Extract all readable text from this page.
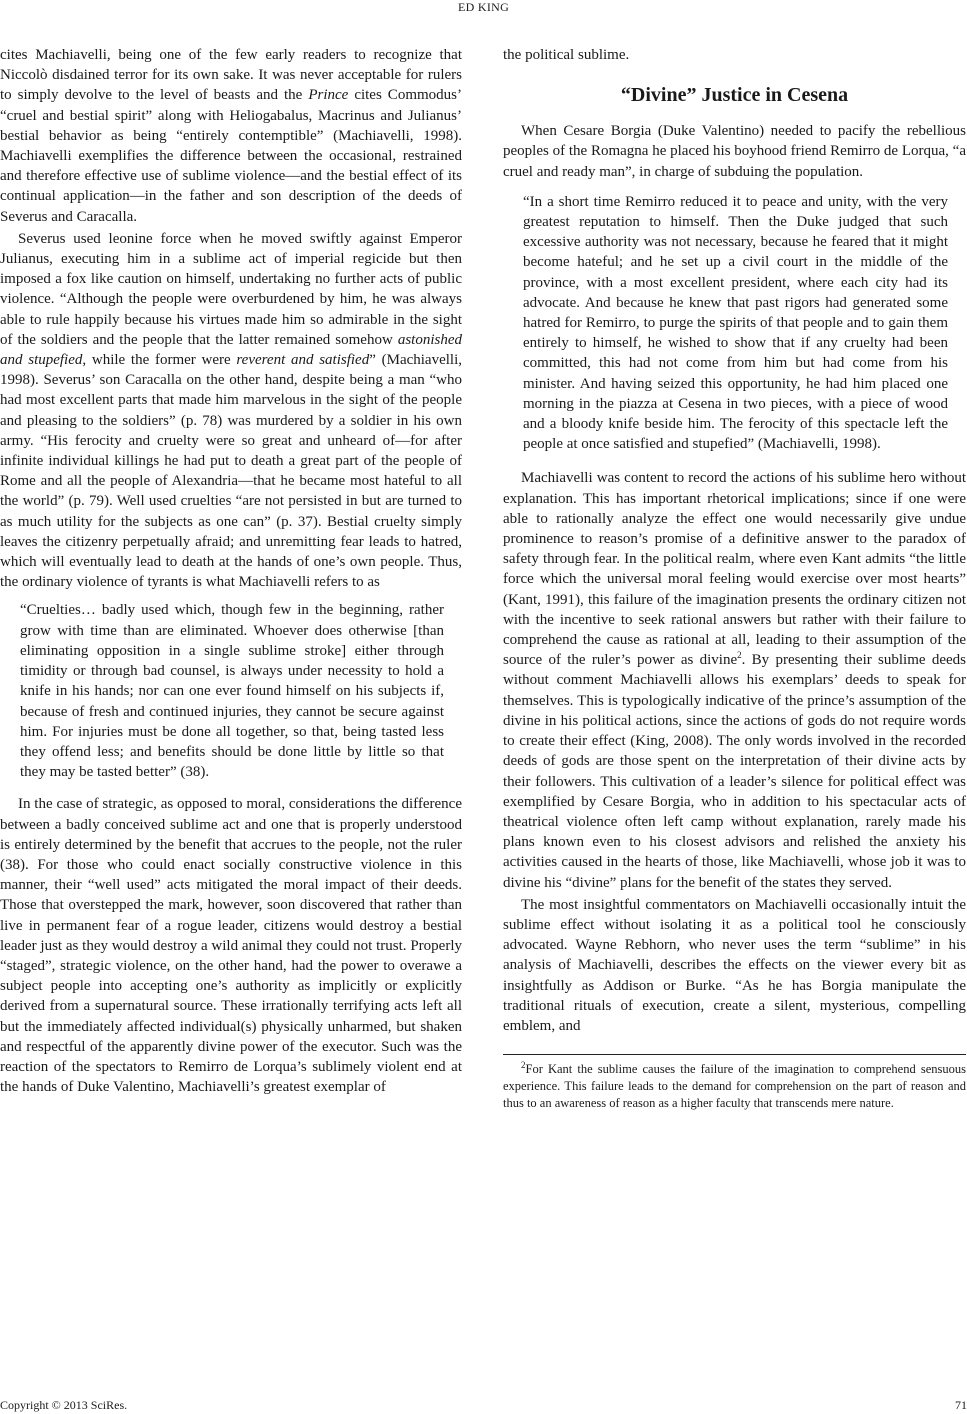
ED KING

cites Machiavelli, being one of the few early readers to recognize that Niccolò disdained terror for its own sake. It was never acceptable for rulers to simply devolve to the level of beasts and the Prince cites Commodus’ “cruel and bestial spirit” along with Heliogabalus, Macrinus and Julianus’ bestial behavior as being “entirely contemptible” (Machiavelli, 1998). Machiavelli exemplifies the difference between the occasional, restrained and therefore effective use of sublime violence—and the bestial effect of its continual application—in the father and son description of the deeds of Severus and Caracalla.

Severus used leonine force when he moved swiftly against Emperor Julianus, executing him in a sublime act of imperial regicide but then imposed a fox like caution on himself, undertaking no further acts of public violence. “Although the people were overburdened by him, he was always able to rule happily because his virtues made him so admirable in the sight of the soldiers and the people that the latter remained somehow astonished and stupefied, while the former were reverent and satisfied” (Machiavelli, 1998). Severus’ son Caracalla on the other hand, despite being a man “who had most excellent parts that made him marvelous in the sight of the people and pleasing to the soldiers” (p. 78) was murdered by a soldier in his own army. “His ferocity and cruelty were so great and unheard of—for after infinite individual killings he had put to death a great part of the people of Rome and all the people of Alexandria—that he became most hateful to all the world” (p. 79). Well used cruelties “are not persisted in but are turned to as much utility for the subjects as one can” (p. 37). Bestial cruelty simply leaves the citizenry perpetually afraid; and unremitting fear leads to hatred, which will eventually lead to death at the hands of one’s own people. Thus, the ordinary violence of tyrants is what Machiavelli refers to as

“Cruelties… badly used which, though few in the beginning, rather grow with time than are eliminated. Whoever does otherwise [than eliminating opposition in a single sublime stroke] either through timidity or through bad counsel, is always under necessity to hold a knife in his hands; nor can one ever found himself on his subjects if, because of fresh and continued injuries, they cannot be secure against him. For injuries must be done all together, so that, being tasted less they offend less; and benefits should be done little by little so that they may be tasted better” (38).

In the case of strategic, as opposed to moral, considerations the difference between a badly conceived sublime act and one that is properly understood is entirely determined by the benefit that accrues to the people, not the ruler (38). For those who could enact socially constructive violence in this manner, their “well used” acts mitigated the moral impact of their deeds. Those that overstepped the mark, however, soon discovered that rather than live in permanent fear of a rogue leader, citizens would destroy a bestial leader just as they would destroy a wild animal they could not trust. Properly “staged”, strategic violence, on the other hand, had the power to overawe a subject people into accepting one’s authority as implicitly or explicitly derived from a supernatural source. These irrationally terrifying acts left all but the immediately affected individual(s) physically unharmed, but shaken and respectful of the apparently divine power of the executor. Such was the reaction of the spectators to Remirro de Lorqua’s sublimely violent end at the hands of Duke Valentino, Machiavelli’s greatest exemplar of

the political sublime.

“Divine” Justice in Cesena

When Cesare Borgia (Duke Valentino) needed to pacify the rebellious peoples of the Romagna he placed his boyhood friend Remirro de Lorqua, “a cruel and ready man”, in charge of subduing the population.

“In a short time Remirro reduced it to peace and unity, with the very greatest reputation to himself. Then the Duke judged that such excessive authority was not necessary, because he feared that it might become hateful; and he set up a civil court in the middle of the province, with a most excellent president, where each city had its advocate. And because he knew that past rigors had generated some hatred for Remirro, to purge the spirits of that people and to gain them entirely to himself, he wished to show that if any cruelty had been committed, this had not come from him but had come from his minister. And having seized this opportunity, he had him placed one morning in the piazza at Cesena in two pieces, with a piece of wood and a bloody knife beside him. The ferocity of this spectacle left the people at once satisfied and stupefied” (Machiavelli, 1998).

Machiavelli was content to record the actions of his sublime hero without explanation. This has important rhetorical implications; since if one were able to rationally analyze the effect one would necessarily give undue prominence to reason’s promise of a definitive answer to the paradox of safety through fear. In the political realm, where even Kant admits “the little force which the universal moral feeling would exercise over most hearts” (Kant, 1991), this failure of the imagination presents the ordinary citizen not with the incentive to seek rational answers but rather with their failure to comprehend the cause as rational at all, leading to their assumption of the source of the ruler’s power as divine$^2$. By presenting their sublime deeds without comment Machiavelli allows his exemplars’ deeds to speak for themselves. This is typologically indicative of the prince’s assumption of the divine in his political actions, since the actions of gods do not require words to create their effect (King, 2008). The only words involved in the recorded deeds of gods are those spent on the interpretation of their divine acts by their followers. This cultivation of a leader’s silence for political effect was exemplified by Cesare Borgia, who in addition to his spectacular acts of theatrical violence often left camp without explanation, rarely made his plans known even to his closest advisors and relished the anxiety his activities caused in the hearts of those, like Machiavelli, whose job it was to divine his “divine” plans for the benefit of the states they served.

The most insightful commentators on Machiavelli occasionally intuit the sublime effect without isolating it as a political tool he consciously advocated. Wayne Rebhorn, who never uses the term “sublime” in his analysis of Machiavelli, describes the effects on the viewer every bit as insightfully as Addison or Burke. “As he has Borgia manipulate the traditional rituals of execution, create a silent, mysterious, compelling emblem, and

$^2$For Kant the sublime causes the failure of the imagination to comprehend sensuous experience. This failure leads to the demand for comprehension on the part of reason and thus to an awareness of reason as a higher faculty that transcends mere nature.

Copyright © 2013 SciRes.	71
